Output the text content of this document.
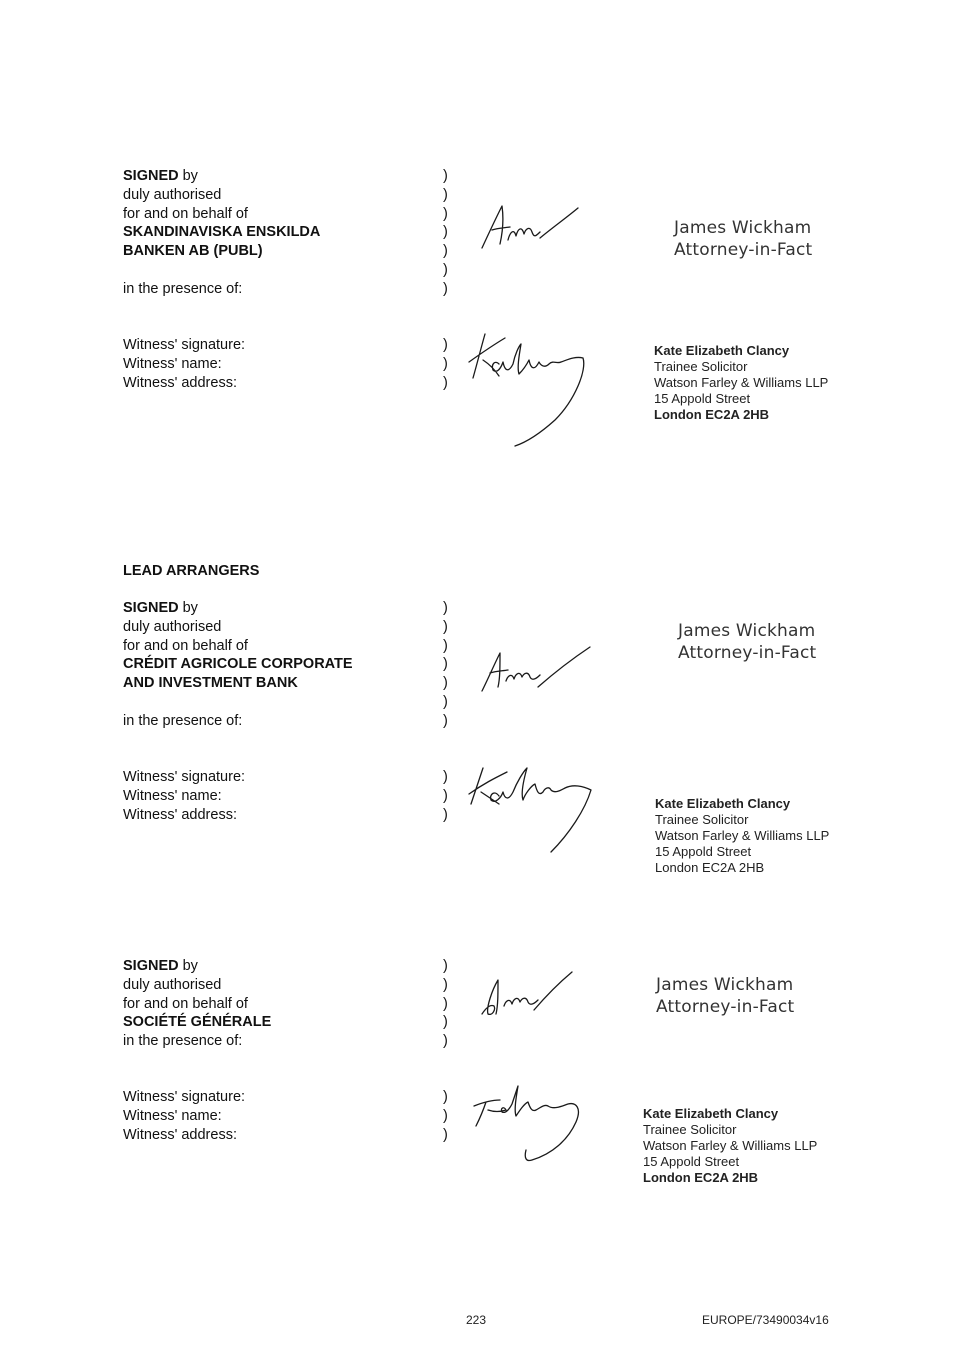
SIGNED by

duly authorised

for and on behalf of

SKANDINAVISKA ENSKILDA

BANKEN AB (PUBL)

in the presence of:

)
)
)
)
)
)
)
James Wickham
Attorney-in-Fact

Witness' signature:

Witness' name:

Witness' address:

)
)
)
Kate Elizabeth Clancy
Trainee Solicitor
Watson Farley & Williams LLP
15 Appold Street
London EC2A 2HB
LEAD ARRANGERS

SIGNED by

duly authorised

for and on behalf of

CRÉDIT AGRICOLE CORPORATE

AND INVESTMENT BANK

in the presence of:

)
)
)
)
)
)
)
James Wickham
Attorney-in-Fact

Witness' signature:

Witness' name:

Witness' address:

)
)
)
Kate Elizabeth Clancy
Trainee Solicitor
Watson Farley & Williams LLP
15 Appold Street
London EC2A 2HB

SIGNED by

duly authorised

for and on behalf of

SOCIÉTÉ GÉNÉRALE

in the presence of:

)
)
)
)
)
James Wickham
Attorney-in-Fact

Witness' signature:

Witness' name:

Witness' address:

)
)
)
Kate Elizabeth Clancy
Trainee Solicitor
Watson Farley & Williams LLP
15 Appold Street
London EC2A 2HB
223	EUROPE/73490034v16
